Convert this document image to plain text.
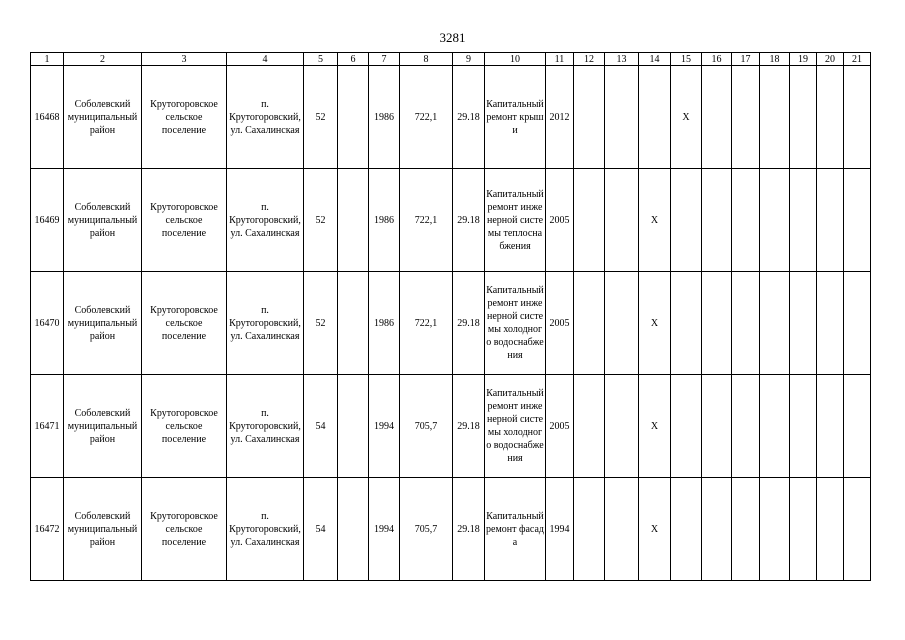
3281
1	2	3	4	5	6	7	8	9	10	11	12	13	14	15	16	17	18	19	20	21
16468	Соболевский муниципальный район	Крутогоровское сельское поселение	п. Крутогоровский, ул. Сахалинская	52		1986	722,1	29.18	Капитальный ремонт крыши	2012				X						
16469	Соболевский муниципальный район	Крутогоровское сельское поселение	п. Крутогоровский, ул. Сахалинская	52		1986	722,1	29.18	Капитальный ремонт инженерной системы теплоснабжения	2005			X							
16470	Соболевский муниципальный район	Крутогоровское сельское поселение	п. Крутогоровский, ул. Сахалинская	52		1986	722,1	29.18	Капитальный ремонт инженерной системы холодного водоснабжения	2005			X							
16471	Соболевский муниципальный район	Крутогоровское сельское поселение	п. Крутогоровский, ул. Сахалинская	54		1994	705,7	29.18	Капитальный ремонт инженерной системы холодного водоснабжения	2005			X							
16472	Соболевский муниципальный район	Крутогоровское сельское поселение	п. Крутогоровский, ул. Сахалинская	54		1994	705,7	29.18	Капитальный ремонт фасада	1994			X							
